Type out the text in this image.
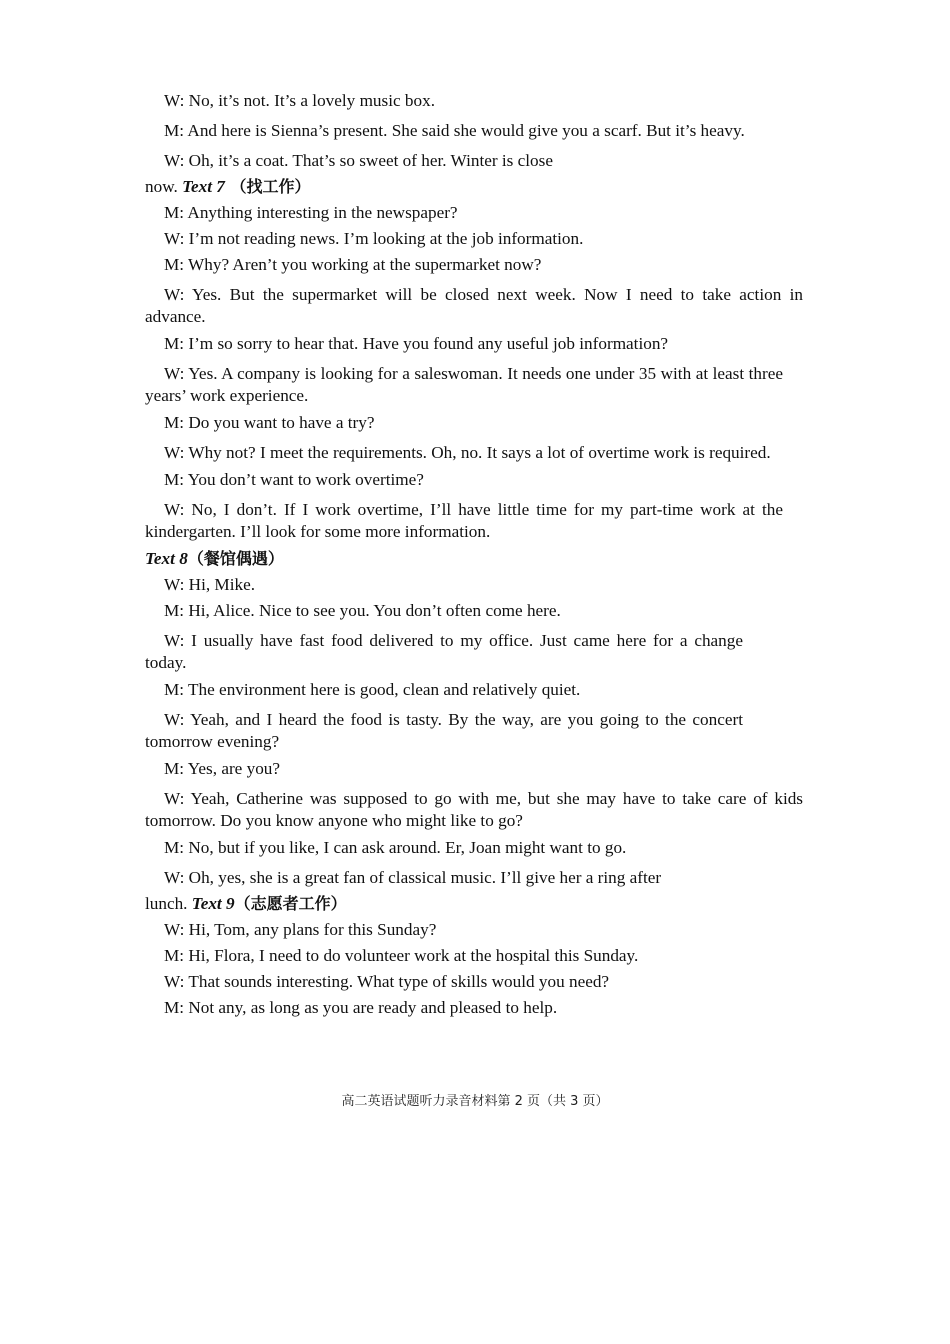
W: No, it’s not. It’s a lovely music box.

M: And here is Sienna’s present. She said she would give you a scarf. But it’s heavy.

W: Oh, it’s a coat. That’s so sweet of her. Winter is close

now. Text 7 （找工作）

M: Anything interesting in the newspaper?

W: I’m not reading news. I’m looking at the job information.

M: Why? Aren’t you working at the supermarket now?

W: Yes. But the supermarket will be closed next week. Now I need to take action in advance.

M: I’m so sorry to hear that. Have you found any useful job information?

W: Yes. A company is looking for a saleswoman. It needs one under 35 with at least three years’ work experience.

M: Do you want to have a try?

W: Why not? I meet the requirements. Oh, no. It says a lot of overtime work is required.

M: You don’t want to work overtime?

W: No, I don’t. If I work overtime, I’ll have little time for my part-time work at the kindergarten. I’ll look for some more information.

Text 8（餐馆偶遇）

W: Hi, Mike.

M: Hi, Alice. Nice to see you. You don’t often come here.

W: I usually have fast food delivered to my office. Just came here for a change today.

M: The environment here is good, clean and relatively quiet.

W: Yeah, and I heard the food is tasty. By the way, are you going to the concert tomorrow evening?

M: Yes, are you?

W: Yeah, Catherine was supposed to go with me, but she may have to take care of kids tomorrow. Do you know anyone who might like to go?

M: No, but if you like, I can ask around. Er, Joan might want to go.

W: Oh, yes, she is a great fan of classical music. I’ll give her a ring after

lunch. Text 9（志愿者工作）

W: Hi, Tom, any plans for this Sunday?

M: Hi, Flora, I need to do volunteer work at the hospital this Sunday.

W: That sounds interesting. What type of skills would you need?

M: Not any, as long as you are ready and pleased to help.

高二英语试题听力录音材料第 2 页（共 3 页）
